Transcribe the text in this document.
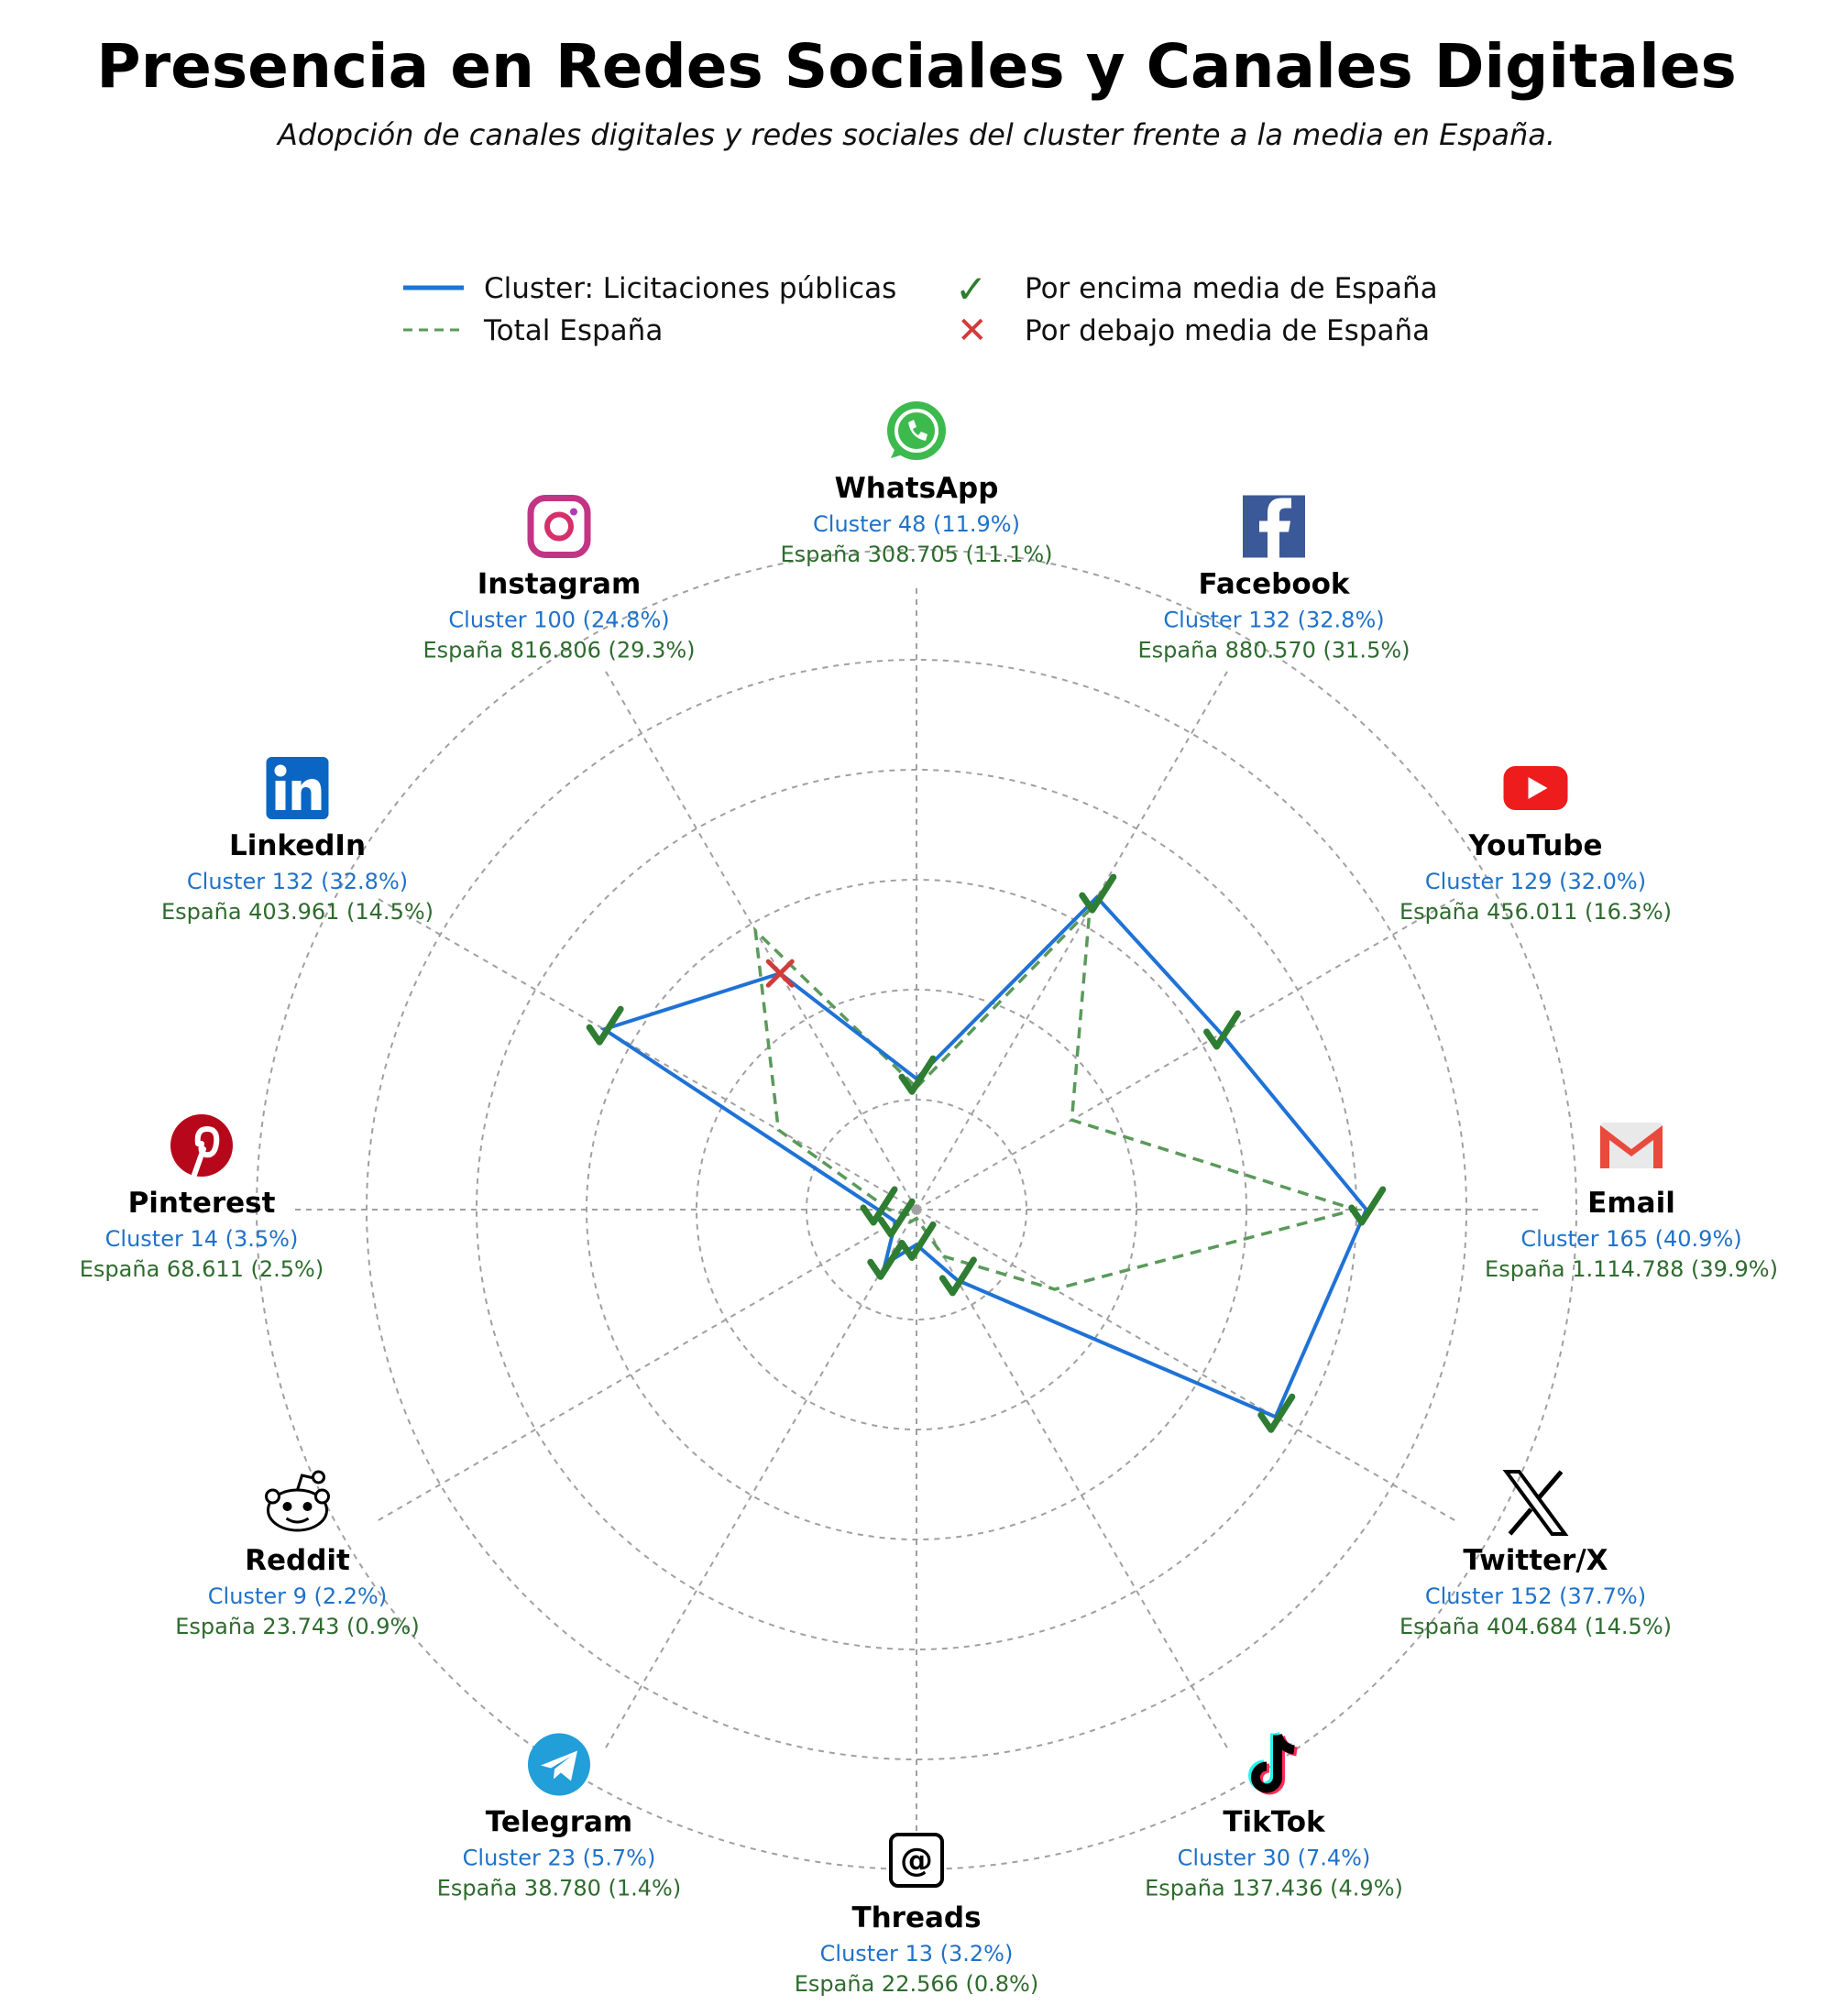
Presencia en Redes Sociales y Canales Digitales
Adopción de canales digitales y redes sociales del cluster frente a la media en España.
Cluster: Licitaciones públicas
Total España
✓ Por encima media de España
✕ Por debajo media de España
WhatsApp
Cluster 48 (11.9%)
España 308.705 (11.1%)
Facebook
Cluster 132 (32.8%)
España 880.570 (31.5%)
YouTube
Cluster 129 (32.0%)
España 456.011 (16.3%)
Email
Cluster 165 (40.9%)
España 1.114.788 (39.9%)
Twitter/X
Cluster 152 (37.7%)
España 404.684 (14.5%)
TikTok
Cluster 30 (7.4%)
España 137.436 (4.9%)
@
Threads
Cluster 13 (3.2%)
España 22.566 (0.8%)
Telegram
Cluster 23 (5.7%)
España 38.780 (1.4%)
Reddit
Cluster 9 (2.2%)
España 23.743 (0.9%)
Pinterest
Cluster 14 (3.5%)
España 68.611 (2.5%)
LinkedIn
Cluster 132 (32.8%)
España 403.961 (14.5%)
Instagram
Cluster 100 (24.8%)
España 816.806 (29.3%)
